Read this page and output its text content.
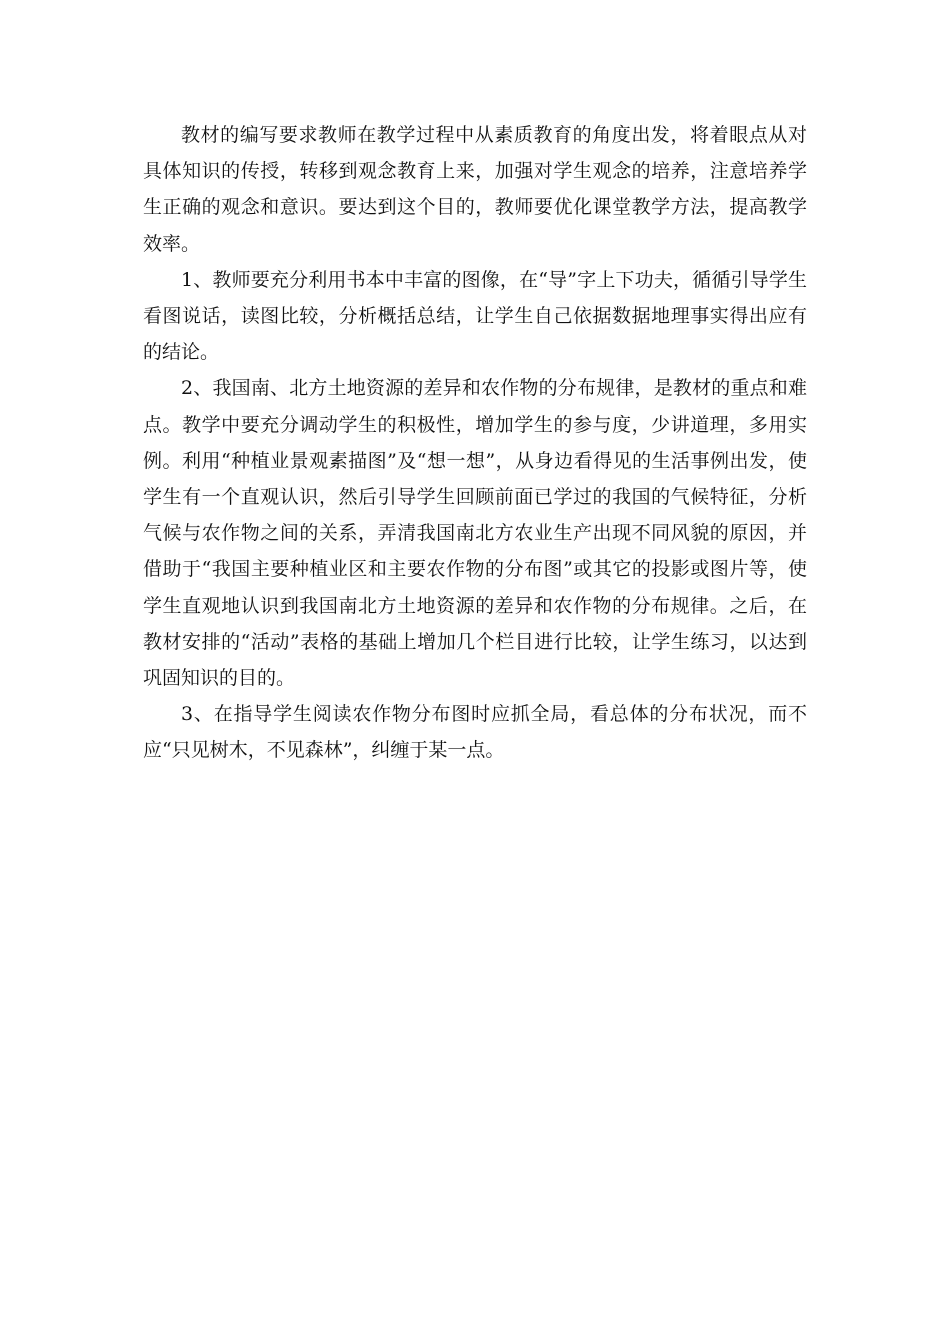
教材的编写要求教师在教学过程中从素质教育的角度出发，将着眼点从对具体知识的传授，转移到观念教育上来，加强对学生观念的培养，注意培养学生正确的观念和意识。要达到这个目的，教师要优化课堂教学方法，提高教学效率。

1、教师要充分利用书本中丰富的图像，在“导”字上下功夫，循循引导学生看图说话，读图比较，分析概括总结，让学生自己依据数据地理事实得出应有的结论。

2、我国南、北方土地资源的差异和农作物的分布规律，是教材的重点和难点。教学中要充分调动学生的积极性，增加学生的参与度，少讲道理，多用实例。利用“种植业景观素描图”及“想一想”，从身边看得见的生活事例出发，使学生有一个直观认识，然后引导学生回顾前面已学过的我国的气候特征，分析气候与农作物之间的关系，弄清我国南北方农业生产出现不同风貌的原因，并借助于“我国主要种植业区和主要农作物的分布图”或其它的投影或图片等，使学生直观地认识到我国南北方土地资源的差异和农作物的分布规律。之后，在教材安排的“活动”表格的基础上增加几个栏目进行比较，让学生练习，以达到巩固知识的目的。

3、在指导学生阅读农作物分布图时应抓全局，看总体的分布状况，而不应“只见树木，不见森林”，纠缠于某一点。
